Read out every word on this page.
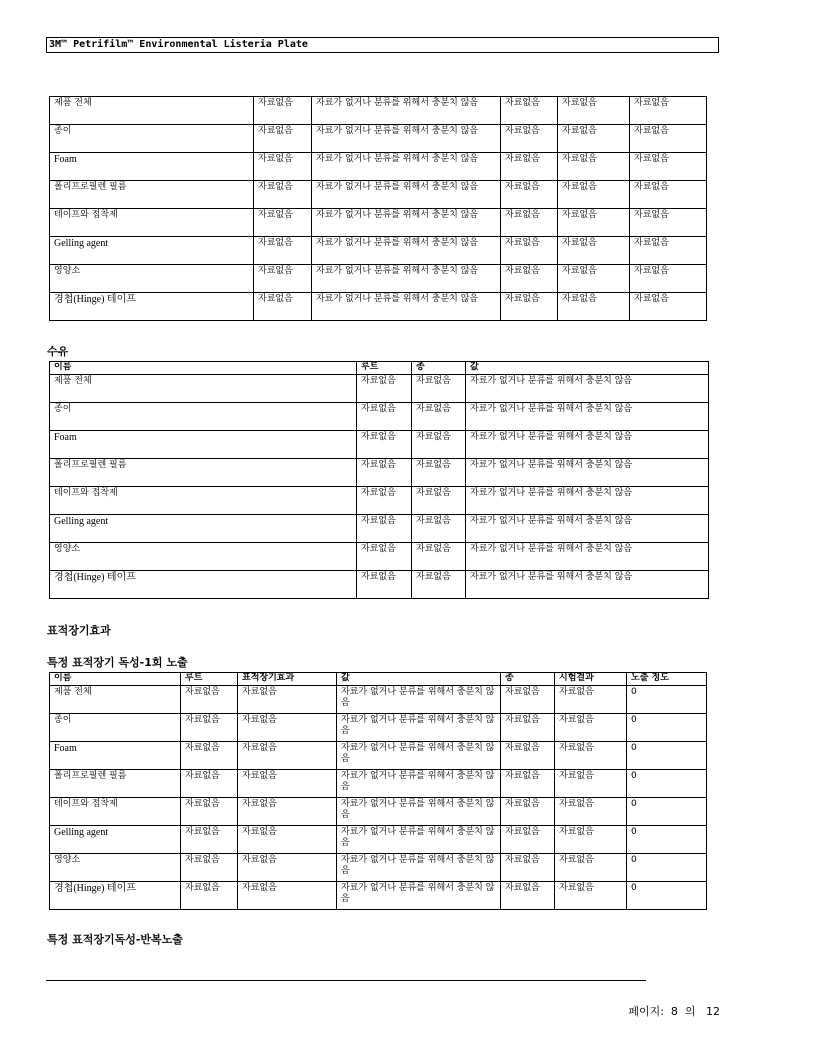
3M™ Petrifilm™ Environmental Listeria Plate
제품 전체	자료없음	자료가 없거나 분류를 위해서 충분치 않음	자료없음	자료없음	자료없음
종이	자료없음	자료가 없거나 분류를 위해서 충분치 않음	자료없음	자료없음	자료없음
Foam	자료없음	자료가 없거나 분류를 위해서 충분치 않음	자료없음	자료없음	자료없음
폴리프로필렌 필름	자료없음	자료가 없거나 분류를 위해서 충분치 않음	자료없음	자료없음	자료없음
테이프와 접착제	자료없음	자료가 없거나 분류를 위해서 충분치 않음	자료없음	자료없음	자료없음
Gelling agent	자료없음	자료가 없거나 분류를 위해서 충분치 않음	자료없음	자료없음	자료없음
영양소	자료없음	자료가 없거나 분류를 위해서 충분치 않음	자료없음	자료없음	자료없음
경첩(Hinge) 테이프	자료없음	자료가 없거나 분류를 위해서 충분치 않음	자료없음	자료없음	자료없음
수유
이름	루트	종	값
제품 전체	자료없음	자료없음	자료가 없거나 분류를 위해서 충분치 않음
종이	자료없음	자료없음	자료가 없거나 분류를 위해서 충분치 않음
Foam	자료없음	자료없음	자료가 없거나 분류를 위해서 충분치 않음
폴리프로필렌 필름	자료없음	자료없음	자료가 없거나 분류를 위해서 충분치 않음
테이프와 접착제	자료없음	자료없음	자료가 없거나 분류를 위해서 충분치 않음
Gelling agent	자료없음	자료없음	자료가 없거나 분류를 위해서 충분치 않음
영양소	자료없음	자료없음	자료가 없거나 분류를 위해서 충분치 않음
경첩(Hinge) 테이프	자료없음	자료없음	자료가 없거나 분류를 위해서 충분치 않음
표적장기효과
특정 표적장기 독성-1회 노출
이름	루트	표적장기효과	값	종	시험결과	노출 정도
제품 전체	자료없음	자료없음	자료가 없거나 분류를 위해서 충분치 않음	자료없음	자료없음	0
종이	자료없음	자료없음	자료가 없거나 분류를 위해서 충분치 않음	자료없음	자료없음	0
Foam	자료없음	자료없음	자료가 없거나 분류를 위해서 충분치 않음	자료없음	자료없음	0
폴리프로필렌 필름	자료없음	자료없음	자료가 없거나 분류를 위해서 충분치 않음	자료없음	자료없음	0
테이프와 접착제	자료없음	자료없음	자료가 없거나 분류를 위해서 충분치 않음	자료없음	자료없음	0
Gelling agent	자료없음	자료없음	자료가 없거나 분류를 위해서 충분치 않음	자료없음	자료없음	0
영양소	자료없음	자료없음	자료가 없거나 분류를 위해서 충분치 않음	자료없음	자료없음	0
경첩(Hinge) 테이프	자료없음	자료없음	자료가 없거나 분류를 위해서 충분치 않음	자료없음	자료없음	0
특정 표적장기독성-반복노출
페이지:  8  의   12
